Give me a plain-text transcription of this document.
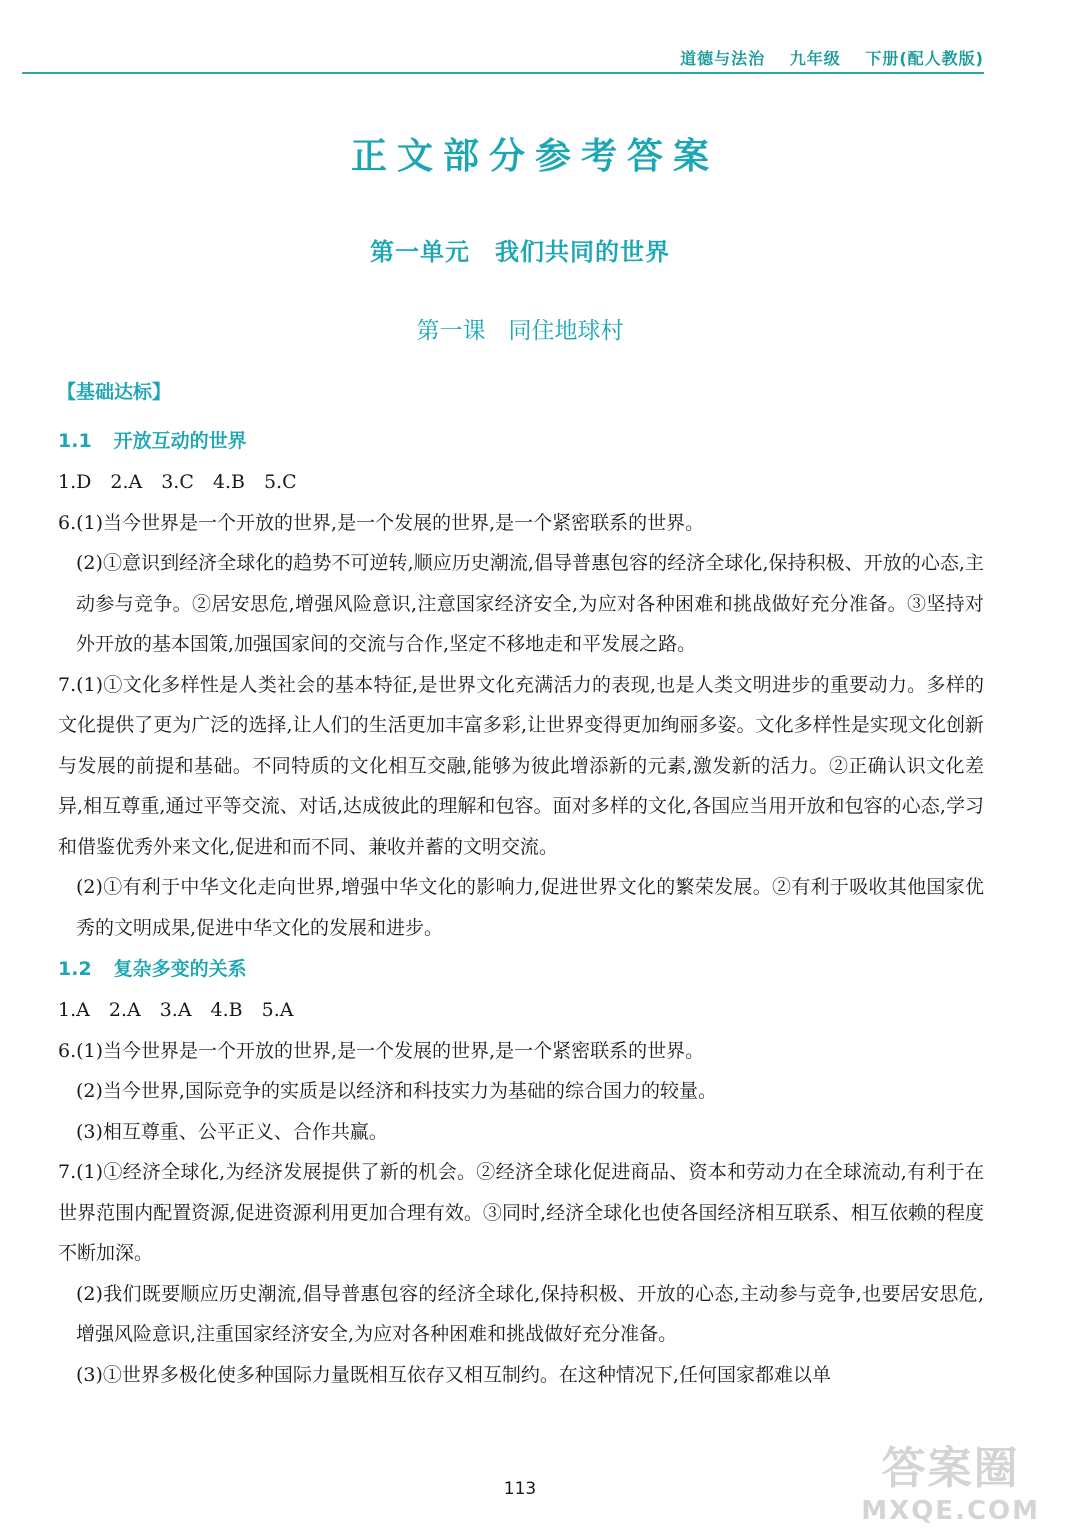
道德与法治 九年级 下册(配人教版)
正文部分参考答案
第一单元　我们共同的世界
第一课　同住地球村
【基础达标】
1.1 开放互动的世界
1.D　2.A　3.C　4.B　5.C
6.(1)当今世界是一个开放的世界,是一个发展的世界,是一个紧密联系的世界。
(2)①意识到经济全球化的趋势不可逆转,顺应历史潮流,倡导普惠包容的经济全球化,保持积极、开放的心态,主动参与竞争。②居安思危,增强风险意识,注意国家经济安全,为应对各种困难和挑战做好充分准备。③坚持对外开放的基本国策,加强国家间的交流与合作,坚定不移地走和平发展之路。
7.(1)①文化多样性是人类社会的基本特征,是世界文化充满活力的表现,也是人类文明进步的重要动力。多样的文化提供了更为广泛的选择,让人们的生活更加丰富多彩,让世界变得更加绚丽多姿。文化多样性是实现文化创新与发展的前提和基础。不同特质的文化相互交融,能够为彼此增添新的元素,激发新的活力。②正确认识文化差异,相互尊重,通过平等交流、对话,达成彼此的理解和包容。面对多样的文化,各国应当用开放和包容的心态,学习和借鉴优秀外来文化,促进和而不同、兼收并蓄的文明交流。
(2)①有利于中华文化走向世界,增强中华文化的影响力,促进世界文化的繁荣发展。②有利于吸收其他国家优秀的文明成果,促进中华文化的发展和进步。
1.2 复杂多变的关系
1.A　2.A　3.A　4.B　5.A
6.(1)当今世界是一个开放的世界,是一个发展的世界,是一个紧密联系的世界。
(2)当今世界,国际竞争的实质是以经济和科技实力为基础的综合国力的较量。
(3)相互尊重、公平正义、合作共赢。
7.(1)①经济全球化,为经济发展提供了新的机会。②经济全球化促进商品、资本和劳动力在全球流动,有利于在世界范围内配置资源,促进资源利用更加合理有效。③同时,经济全球化也使各国经济相互联系、相互依赖的程度不断加深。
(2)我们既要顺应历史潮流,倡导普惠包容的经济全球化,保持积极、开放的心态,主动参与竞争,也要居安思危,增强风险意识,注重国家经济安全,为应对各种困难和挑战做好充分准备。
(3)①世界多极化使多种国际力量既相互依存又相互制约。在这种情况下,任何国家都难以单
113	答案圈
MXQE.COM
